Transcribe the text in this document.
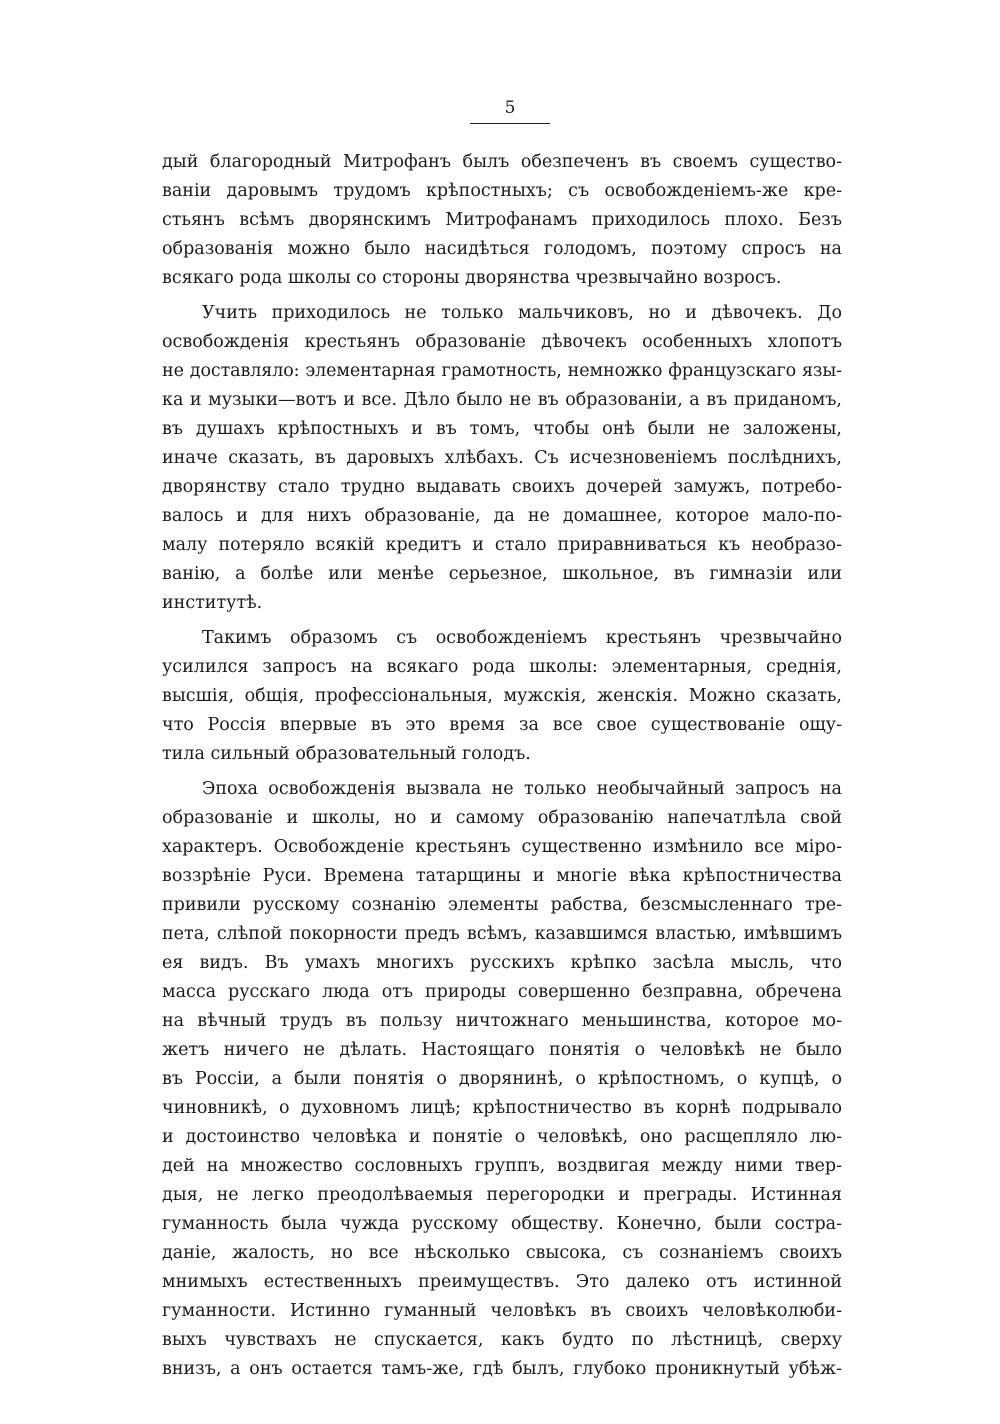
5
дый благородный Митрофанъ былъ обезпеченъ въ своемъ существо-
ваніи даровымъ трудомъ крѣпостныхъ; съ освобожденіемъ-же кре-
стьянъ всѣмъ дворянскимъ Митрофанамъ приходилось плохо. Безъ
образованія можно было насидѣться голодомъ, поэтому спросъ на
всякаго рода школы со стороны дворянства чрезвычайно возросъ.
Учить приходилось не только мальчиковъ, но и дѣвочекъ. До
освобожденія крестьянъ образованіе дѣвочекъ особенныхъ хлопотъ
не доставляло: элементарная грамотность, немножко французскаго язы-
ка и музыки—вотъ и все. Дѣло было не въ образованіи, а въ приданомъ,
въ душахъ крѣпостныхъ и въ томъ, чтобы онѣ были не заложены,
иначе сказать, въ даровыхъ хлѣбахъ. Съ исчезновеніемъ послѣднихъ,
дворянству стало трудно выдавать своихъ дочерей замужъ, потребо-
валось и для нихъ образованіе, да не домашнее, которое мало-по-
малу потеряло всякій кредитъ и стало приравниваться къ необразо-
ванію, а болѣе или менѣе серьезное, школьное, въ гимназіи или
институтѣ.
Такимъ образомъ съ освобожденіемъ крестьянъ чрезвычайно
усилился запросъ на всякаго рода школы: элементарныя, среднія,
высшія, общія, профессіональныя, мужскія, женскія. Можно сказать,
что Россія впервые въ это время за все свое существованіе ощу-
тила сильный образовательный голодъ.
Эпоха освобожденія вызвала не только необычайный запросъ на
образованіе и школы, но и самому образованію напечатлѣла свой
характеръ. Освобожденіе крестьянъ существенно измѣнило все міро-
воззрѣніе Руси. Времена татарщины и многіе вѣка крѣпостничества
привили русскому сознанію элементы рабства, безсмысленнаго тре-
пета, слѣпой покорности предъ всѣмъ, казавшимся властью, имѣвшимъ
ея видъ. Въ умахъ многихъ русскихъ крѣпко засѣла мысль, что
масса русскаго люда отъ природы совершенно безправна, обречена
на вѣчный трудъ въ пользу ничтожнаго меньшинства, которое мо-
жетъ ничего не дѣлать. Настоящаго понятія о человѣкѣ не было
въ Россіи, а были понятія о дворянинѣ, о крѣпостномъ, о купцѣ, о
чиновникѣ, о духовномъ лицѣ; крѣпостничество въ корнѣ подрывало
и достоинство человѣка и понятіе о человѣкѣ, оно расщепляло лю-
дей на множество сословныхъ группъ, воздвигая между ними твер-
дыя, не легко преодолѣваемыя перегородки и преграды. Истинная
гуманность была чужда русскому обществу. Конечно, были состра-
даніе, жалость, но все нѣсколько свысока, съ сознаніемъ своихъ
мнимыхъ естественныхъ преимуществъ. Это далеко отъ истинной
гуманности. Истинно гуманный человѣкъ въ своихъ человѣколюби-
выхъ чувствахъ не спускается, какъ будто по лѣстницѣ, сверху
внизъ, а онъ остается тамъ-же, гдѣ былъ, глубоко проникнутый убѣж-
